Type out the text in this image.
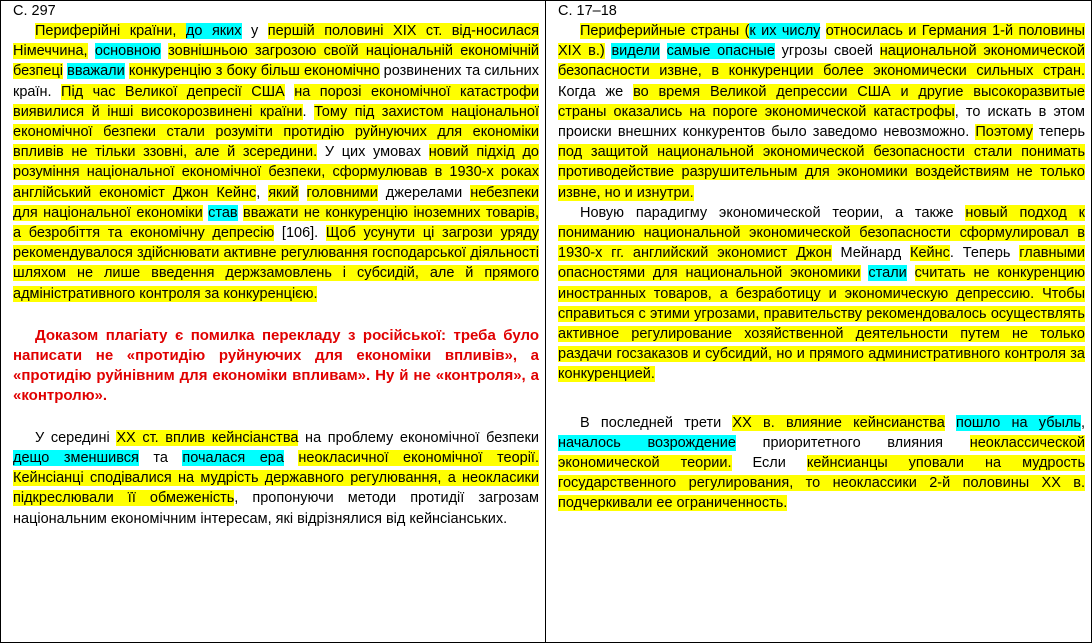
С. 297

Периферійні країни, до яких у першій половині XIX ст. від-носилася Німеччина, основною зовнішньою загрозою своїй національній економічній безпеці вважали конкуренцію з боку більш економічно розвинених та сильних країн. Під час Великої депресії США на порозі економічної катастрофи виявилися й інші високорозвинені країни. Тому під захистом національної економічної безпеки стали розуміти протидію руйнуючих для економіки впливів не тільки ззовні, але й зсередини. У цих умовах новий підхід до розуміння національної економічної безпеки, сформулював в 1930-х роках англійський економіст Джон Кейнс, який головними джерелами небезпеки для національної економіки став вважати не конкуренцію іноземних товарів, а безробіття та економічну депресію [106]. Щоб усунути ці загрози уряду рекомендувалося здійснювати активне регулювання господарської діяльності шляхом не лише введення держзамовлень і субсидій, але й прямого адміністративного контроля за конкуренцією.

Доказом плагіату є помилка перекладу з російської: треба було написати не «протидію руйнуючих для економіки впливів», а «протидію руйнівним для економіки впливам». Ну й не «контроля», а «контролю».

У середині ХХ ст. вплив кейнсіанства на проблему економічної безпеки дещо зменшився та почалася ера неокласичної економічної теорії. Кейнсіанці сподівалися на мудрість державного регулювання, а неокласики підкреслювали її обмеженість, пропонуючи методи протидії загрозам національним економічним інтересам, які відрізнялися від кейнсіанських.

С. 17–18

Периферийные страны (к их числу относилась и Германия 1-й половины XIX в.) видели самые опасные угрозы своей национальной экономической безопасности извне, в конкуренции более экономически сильных стран. Когда же во время Великой депрессии США и другие высокоразвитые страны оказались на пороге экономической катастрофы, то искать в этом происки внешних конкурентов было заведомо невозможно. Поэтому теперь под защитой национальной экономической безопасности стали понимать противодействие разрушительным для экономики воздействиям не только извне, но и изнутри.

Новую парадигму экономической теории, а также новый подход к пониманию национальной экономической безопасности сформулировал в 1930-х гг. английский экономист Джон Мейнард Кейнс. Теперь главными опасностями для национальной экономики стали считать не конкуренцию иностранных товаров, а безработицу и экономическую депрессию. Чтобы справиться с этими угрозами, правительству рекомендовалось осуществлять активное регулирование хозяйственной деятельности путем не только раздачи госзаказов и субсидий, но и прямого административного контроля за конкуренцией.

В последней трети ХХ в. влияние кейнсианства пошло на убыль, началось возрождение приоритетного влияния неоклассической экономической теории. Если кейнсианцы уповали на мудрость государственного регулирования, то неоклассики 2-й половины ХХ в. подчеркивали ее ограниченность.
